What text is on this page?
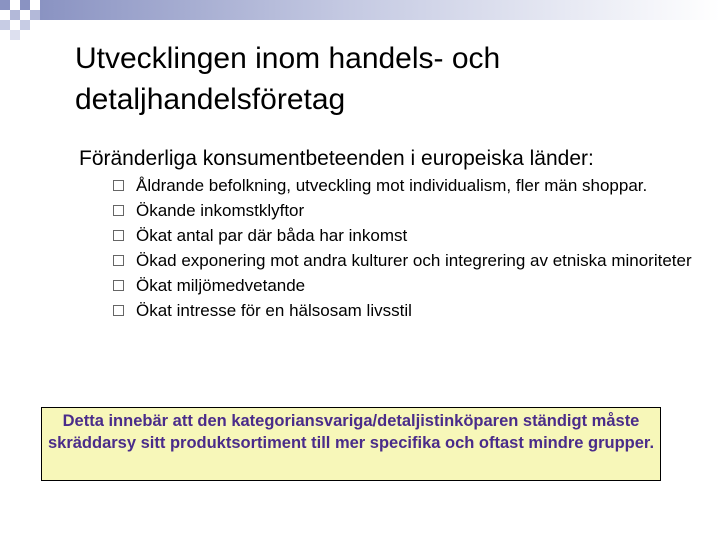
Utvecklingen inom handels- och detaljhandelsföretag

Föränderliga konsumentbeteenden i europeiska länder:

Åldrande befolkning, utveckling mot individualism, fler män shoppar.
Ökande inkomstklyftor
Ökat antal par där båda har inkomst
Ökad exponering mot andra kulturer och integrering av etniska minoriteter
Ökat miljömedvetande
Ökat intresse för en hälsosam livsstil
Detta innebär att den kategoriansvariga/detaljistinköparen ständigt måste skräddarsy sitt produktsortiment till mer specifika och oftast mindre grupper.
